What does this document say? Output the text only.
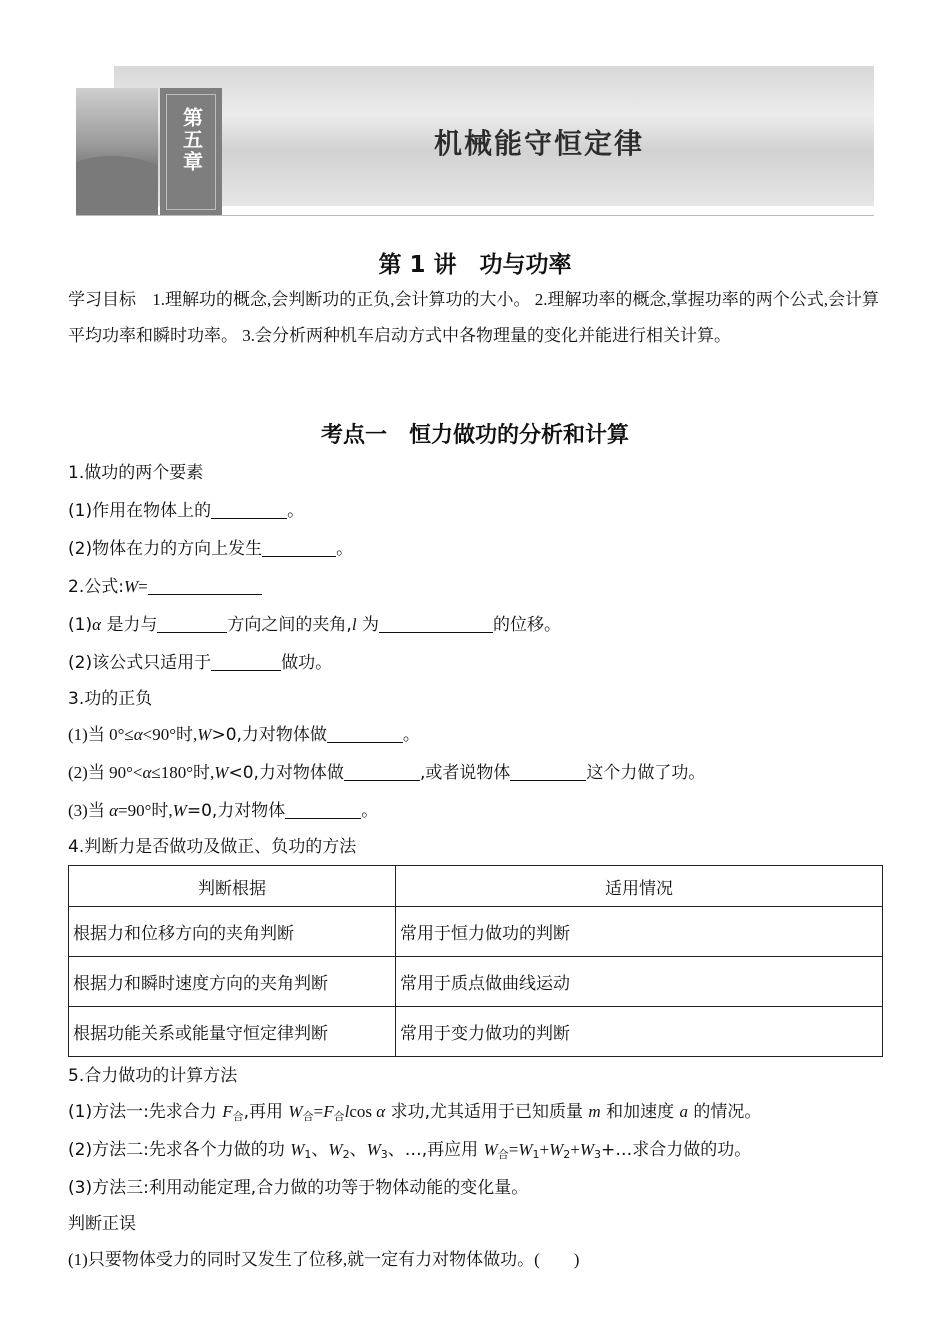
第五章	机械能守恒定律
第 1 讲　功与功率
学习目标 1.理解功的概念,会判断功的正负,会计算功的大小。 2.理解功率的概念,掌握功率的两个公式,会计算平均功率和瞬时功率。 3.会分析两种机车启动方式中各物理量的变化并能进行相关计算。
考点一　恒力做功的分析和计算
1.做功的两个要素
(1)作用在物体上的	。
(2)物体在力的方向上发生	。
2.公式:W=
(1)α 是力与	方向之间的夹角,l 为	的位移。
(2)该公式只适用于	做功。
3.功的正负
(1)当 0°≤α<90°时,W>0,力对物体做	。
(2)当 90°<α≤180°时,W<0,力对物体做	,或者说物体	这个力做了功。
(3)当 α=90°时,W=0,力对物体	。
4.判断力是否做功及做正、负功的方法
判断根据	适用情况
根据力和位移方向的夹角判断	常用于恒力做功的判断
根据力和瞬时速度方向的夹角判断	常用于质点做曲线运动
根据功能关系或能量守恒定律判断	常用于变力做功的判断
5.合力做功的计算方法
(1)方法一:先求合力 $F_合$,再用 $W_合=F_合lcos$ α 求功,尤其适用于已知质量 m 和加速度 a 的情况。
(2)方法二:先求各个力做的功 $W_1$、$W_2$、$W_3$、…,再应用 $W_合=W_1+W_2+W_3+\dots$求合力做的功。
(3)方法三:利用动能定理,合力做的功等于物体动能的变化量。
判断正误
(1)只要物体受力的同时又发生了位移,就一定有力对物体做功。(　　)
